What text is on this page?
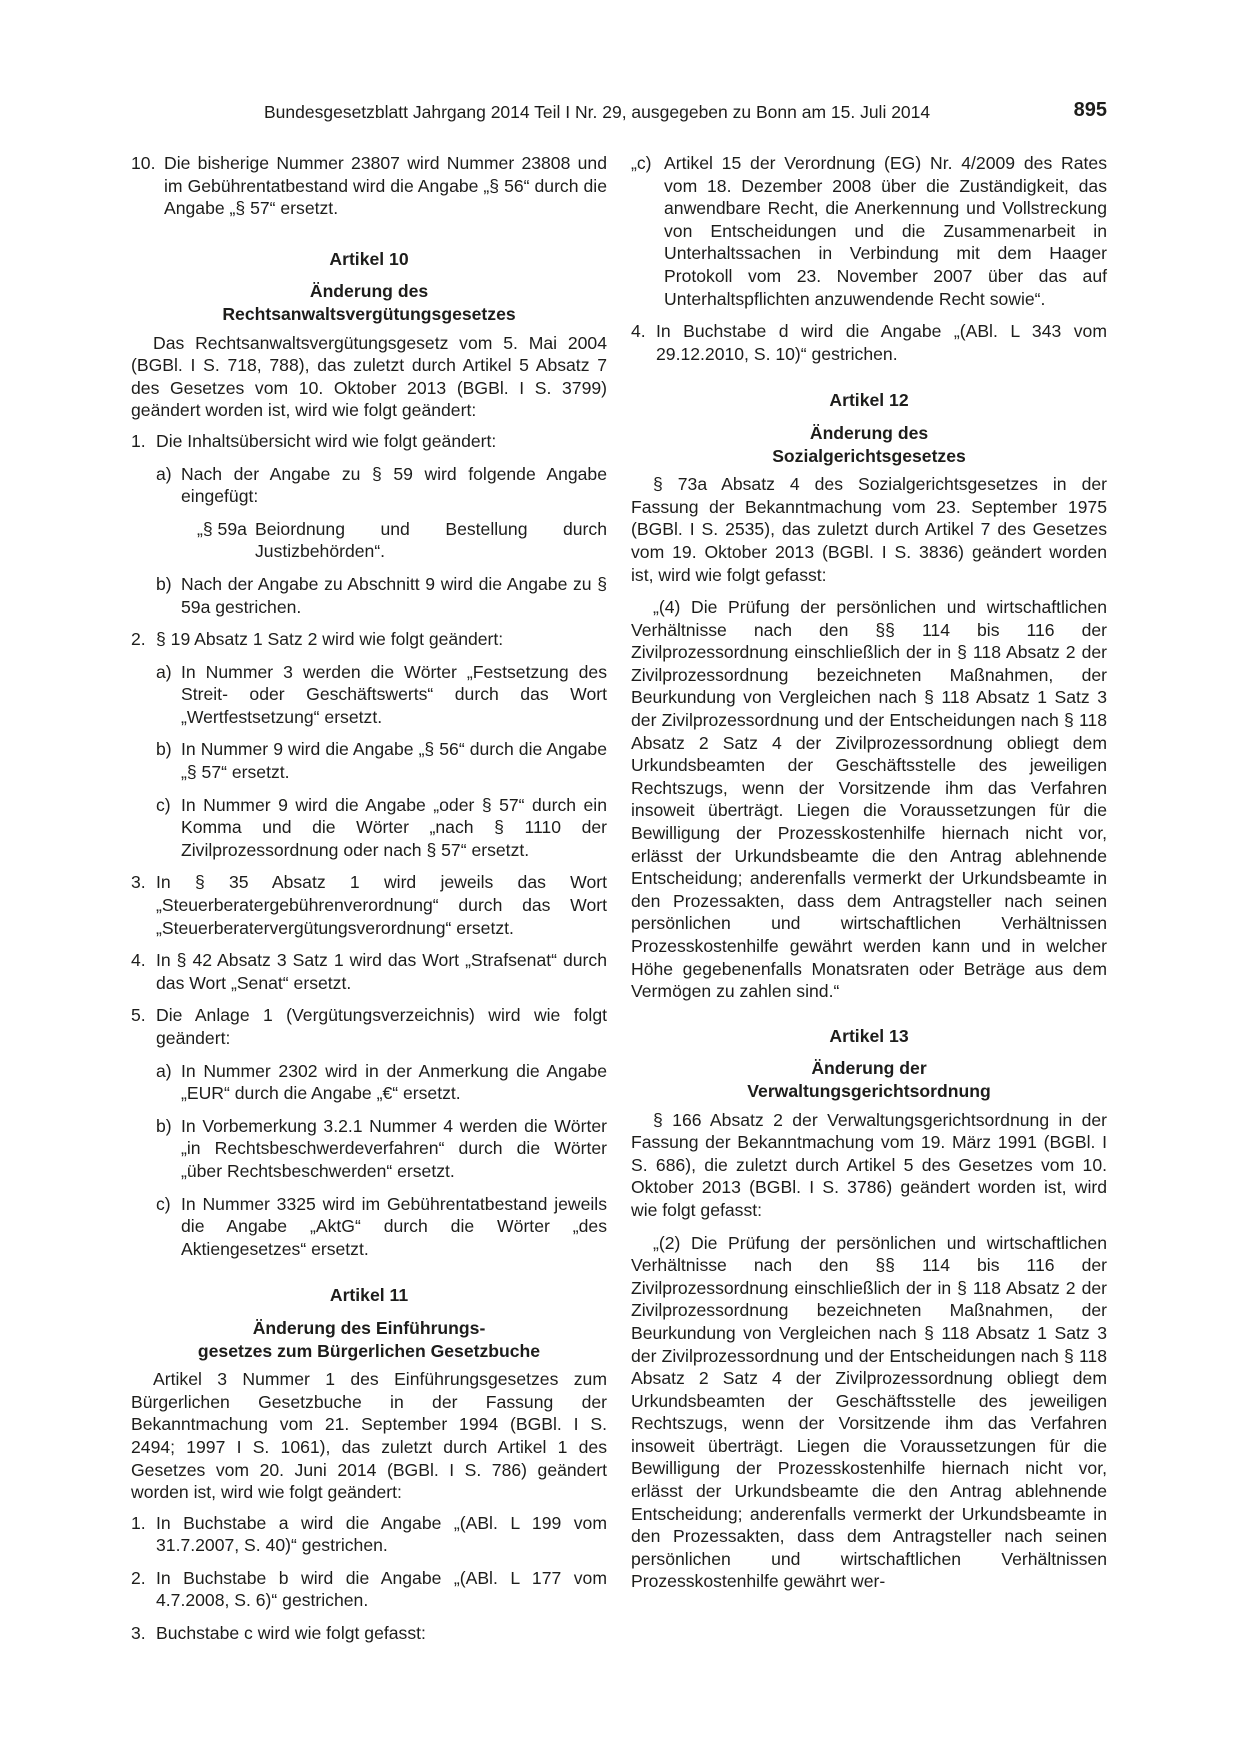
Bundesgesetzblatt Jahrgang 2014 Teil I Nr. 29, ausgegeben zu Bonn am 15. Juli 2014	895
10. Die bisherige Nummer 23807 wird Nummer 23808 und im Gebührentatbestand wird die Angabe „§ 56“ durch die Angabe „§ 57“ ersetzt.

Artikel 10

Änderung des

Rechtsanwaltsvergütungsgesetzes

Das Rechtsanwaltsvergütungsgesetz vom 5. Mai 2004 (BGBl. I S. 718, 788), das zuletzt durch Artikel 5 Absatz 7 des Gesetzes vom 10. Oktober 2013 (BGBl. I S. 3799) geändert worden ist, wird wie folgt geändert:

1. Die Inhaltsübersicht wird wie folgt geändert:
a) Nach der Angabe zu § 59 wird folgende Angabe eingefügt:
„§ 59a Beiordnung und Bestellung durch Justizbehörden“.
b) Nach der Angabe zu Abschnitt 9 wird die Angabe zu § 59a gestrichen.
2. § 19 Absatz 1 Satz 2 wird wie folgt geändert:
a) In Nummer 3 werden die Wörter „Festsetzung des Streit- oder Geschäftswerts“ durch das Wort „Wertfestsetzung“ ersetzt.
b) In Nummer 9 wird die Angabe „§ 56“ durch die Angabe „§ 57“ ersetzt.
c) In Nummer 9 wird die Angabe „oder § 57“ durch ein Komma und die Wörter „nach § 1110 der Zivilprozessordnung oder nach § 57“ ersetzt.
3. In § 35 Absatz 1 wird jeweils das Wort „Steuerberatergebührenverordnung“ durch das Wort „Steuerberatervergütungsverordnung“ ersetzt.
4. In § 42 Absatz 3 Satz 1 wird das Wort „Strafsenat“ durch das Wort „Senat“ ersetzt.
5. Die Anlage 1 (Vergütungsverzeichnis) wird wie folgt geändert:
a) In Nummer 2302 wird in der Anmerkung die Angabe „EUR“ durch die Angabe „€“ ersetzt.
b) In Vorbemerkung 3.2.1 Nummer 4 werden die Wörter „in Rechtsbeschwerdeverfahren“ durch die Wörter „über Rechtsbeschwerden“ ersetzt.
c) In Nummer 3325 wird im Gebührentatbestand jeweils die Angabe „AktG“ durch die Wörter „des Aktiengesetzes“ ersetzt.

Artikel 11

Änderung des Einführungs-

gesetzes zum Bürgerlichen Gesetzbuche

Artikel 3 Nummer 1 des Einführungsgesetzes zum Bürgerlichen Gesetzbuche in der Fassung der Bekanntmachung vom 21. September 1994 (BGBl. I S. 2494; 1997 I S. 1061), das zuletzt durch Artikel 1 des Gesetzes vom 20. Juni 2014 (BGBl. I S. 786) geändert worden ist, wird wie folgt geändert:

1. In Buchstabe a wird die Angabe „(ABl. L 199 vom 31.7.2007, S. 40)“ gestrichen.
2. In Buchstabe b wird die Angabe „(ABl. L 177 vom 4.7.2008, S. 6)“ gestrichen.
3. Buchstabe c wird wie folgt gefasst:
„c) Artikel 15 der Verordnung (EG) Nr. 4/2009 des Rates vom 18. Dezember 2008 über die Zuständigkeit, das anwendbare Recht, die Anerkennung und Vollstreckung von Entscheidungen und die Zusammenarbeit in Unterhaltssachen in Verbindung mit dem Haager Protokoll vom 23. November 2007 über das auf Unterhaltspflichten anzuwendende Recht sowie“.
4. In Buchstabe d wird die Angabe „(ABl. L 343 vom 29.12.2010, S. 10)“ gestrichen.

Artikel 12

Änderung des

Sozialgerichtsgesetzes

§ 73a Absatz 4 des Sozialgerichtsgesetzes in der Fassung der Bekanntmachung vom 23. September 1975 (BGBl. I S. 2535), das zuletzt durch Artikel 7 des Gesetzes vom 19. Oktober 2013 (BGBl. I S. 3836) geändert worden ist, wird wie folgt gefasst:

„(4) Die Prüfung der persönlichen und wirtschaftlichen Verhältnisse nach den §§ 114 bis 116 der Zivilprozessordnung einschließlich der in § 118 Absatz 2 der Zivilprozessordnung bezeichneten Maßnahmen, der Beurkundung von Vergleichen nach § 118 Absatz 1 Satz 3 der Zivilprozessordnung und der Entscheidungen nach § 118 Absatz 2 Satz 4 der Zivilprozessordnung obliegt dem Urkundsbeamten der Geschäftsstelle des jeweiligen Rechtszugs, wenn der Vorsitzende ihm das Verfahren insoweit überträgt. Liegen die Voraussetzungen für die Bewilligung der Prozesskostenhilfe hiernach nicht vor, erlässt der Urkundsbeamte die den Antrag ablehnende Entscheidung; anderenfalls vermerkt der Urkundsbeamte in den Prozessakten, dass dem Antragsteller nach seinen persönlichen und wirtschaftlichen Verhältnissen Prozesskostenhilfe gewährt werden kann und in welcher Höhe gegebenenfalls Monatsraten oder Beträge aus dem Vermögen zu zahlen sind.“

Artikel 13

Änderung der

Verwaltungsgerichtsordnung

§ 166 Absatz 2 der Verwaltungsgerichtsordnung in der Fassung der Bekanntmachung vom 19. März 1991 (BGBl. I S. 686), die zuletzt durch Artikel 5 des Gesetzes vom 10. Oktober 2013 (BGBl. I S. 3786) geändert worden ist, wird wie folgt gefasst:

„(2) Die Prüfung der persönlichen und wirtschaftlichen Verhältnisse nach den §§ 114 bis 116 der Zivilprozessordnung einschließlich der in § 118 Absatz 2 der Zivilprozessordnung bezeichneten Maßnahmen, der Beurkundung von Vergleichen nach § 118 Absatz 1 Satz 3 der Zivilprozessordnung und der Entscheidungen nach § 118 Absatz 2 Satz 4 der Zivilprozessordnung obliegt dem Urkundsbeamten der Geschäftsstelle des jeweiligen Rechtszugs, wenn der Vorsitzende ihm das Verfahren insoweit überträgt. Liegen die Voraussetzungen für die Bewilligung der Prozesskostenhilfe hiernach nicht vor, erlässt der Urkundsbeamte die den Antrag ablehnende Entscheidung; anderenfalls vermerkt der Urkundsbeamte in den Prozessakten, dass dem Antragsteller nach seinen persönlichen und wirtschaftlichen Verhältnissen Prozesskostenhilfe gewährt wer-
